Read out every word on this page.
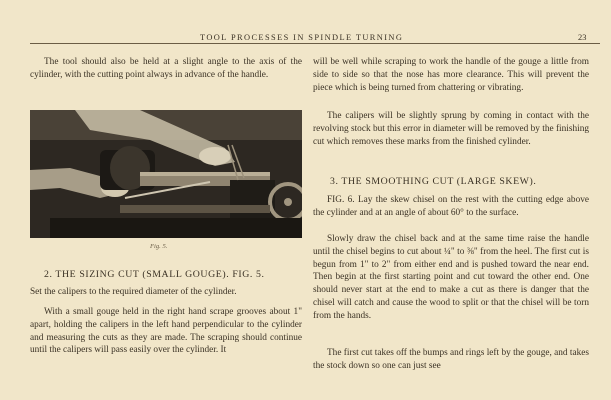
TOOL PROCESSES IN SPINDLE TURNING	23

The tool should also be held at a slight angle to the axis of the cylinder, with the cutting point always in advance of the handle.

Fig. 5.
2. THE SIZING CUT (SMALL GOUGE). FIG. 5.

Set the calipers to the required diameter of the cylinder.

With a small gouge held in the right hand scrape grooves about 1" apart, holding the calipers in the left hand perpendicular to the cylinder and measuring the cuts as they are made. The scraping should continue until the calipers will pass easily over the cylinder. It

will be well while scraping to work the handle of the gouge a little from side to side so that the nose has more clearance. This will prevent the piece which is being turned from chattering or vibrating.

The calipers will be slightly sprung by coming in contact with the revolving stock but this error in diameter will be removed by the finishing cut which removes these marks from the finished cylinder.

3. THE SMOOTHING CUT (LARGE SKEW).

FIG. 6. Lay the skew chisel on the rest with the cutting edge above the cylinder and at an angle of about 60° to the surface.

Slowly draw the chisel back and at the same time raise the handle until the chisel begins to cut about ¼" to ⅜" from the heel. The first cut is begun from 1" to 2" from either end and is pushed toward the near end. Then begin at the first starting point and cut toward the other end. One should never start at the end to make a cut as there is danger that the chisel will catch and cause the wood to split or that the chisel will be torn from the hands.

The first cut takes off the bumps and rings left by the gouge, and takes the stock down so one can just see
